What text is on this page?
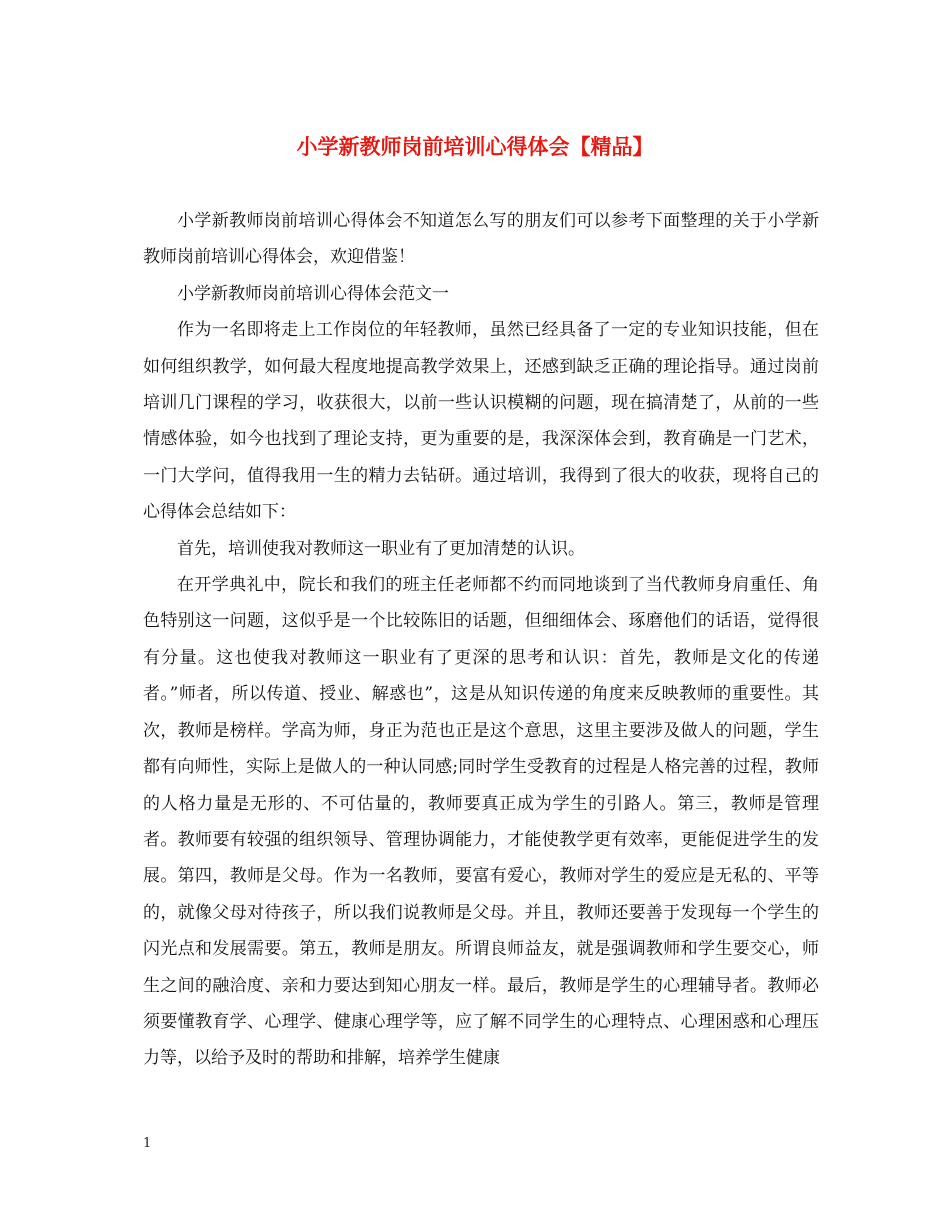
小学新教师岗前培训心得体会【精品】

小学新教师岗前培训心得体会不知道怎么写的朋友们可以参考下面整理的关于小学新教师岗前培训心得体会，欢迎借鉴！

小学新教师岗前培训心得体会范文一

作为一名即将走上工作岗位的年轻教师，虽然已经具备了一定的专业知识技能，但在如何组织教学，如何最大程度地提高教学效果上，还感到缺乏正确的理论指导。通过岗前培训几门课程的学习，收获很大，以前一些认识模糊的问题，现在搞清楚了，从前的一些情感体验，如今也找到了理论支持，更为重要的是，我深深体会到，教育确是一门艺术，一门大学问，值得我用一生的精力去钻研。通过培训，我得到了很大的收获，现将自己的心得体会总结如下：

首先，培训使我对教师这一职业有了更加清楚的认识。

在开学典礼中，院长和我们的班主任老师都不约而同地谈到了当代教师身肩重任、角色特别这一问题，这似乎是一个比较陈旧的话题，但细细体会、琢磨他们的话语，觉得很有分量。这也使我对教师这一职业有了更深的思考和认识：首先，教师是文化的传递者。”师者，所以传道、授业、解惑也”，这是从知识传递的角度来反映教师的重要性。其次，教师是榜样。学高为师，身正为范也正是这个意思，这里主要涉及做人的问题，学生都有向师性，实际上是做人的一种认同感;同时学生受教育的过程是人格完善的过程，教师的人格力量是无形的、不可估量的，教师要真正成为学生的引路人。第三，教师是管理者。教师要有较强的组织领导、管理协调能力，才能使教学更有效率，更能促进学生的发展。第四，教师是父母。作为一名教师，要富有爱心，教师对学生的爱应是无私的、平等的，就像父母对待孩子，所以我们说教师是父母。并且，教师还要善于发现每一个学生的闪光点和发展需要。第五，教师是朋友。所谓良师益友，就是强调教师和学生要交心，师生之间的融洽度、亲和力要达到知心朋友一样。最后，教师是学生的心理辅导者。教师必须要懂教育学、心理学、健康心理学等，应了解不同学生的心理特点、心理困惑和心理压力等，以给予及时的帮助和排解，培养学生健康

1
